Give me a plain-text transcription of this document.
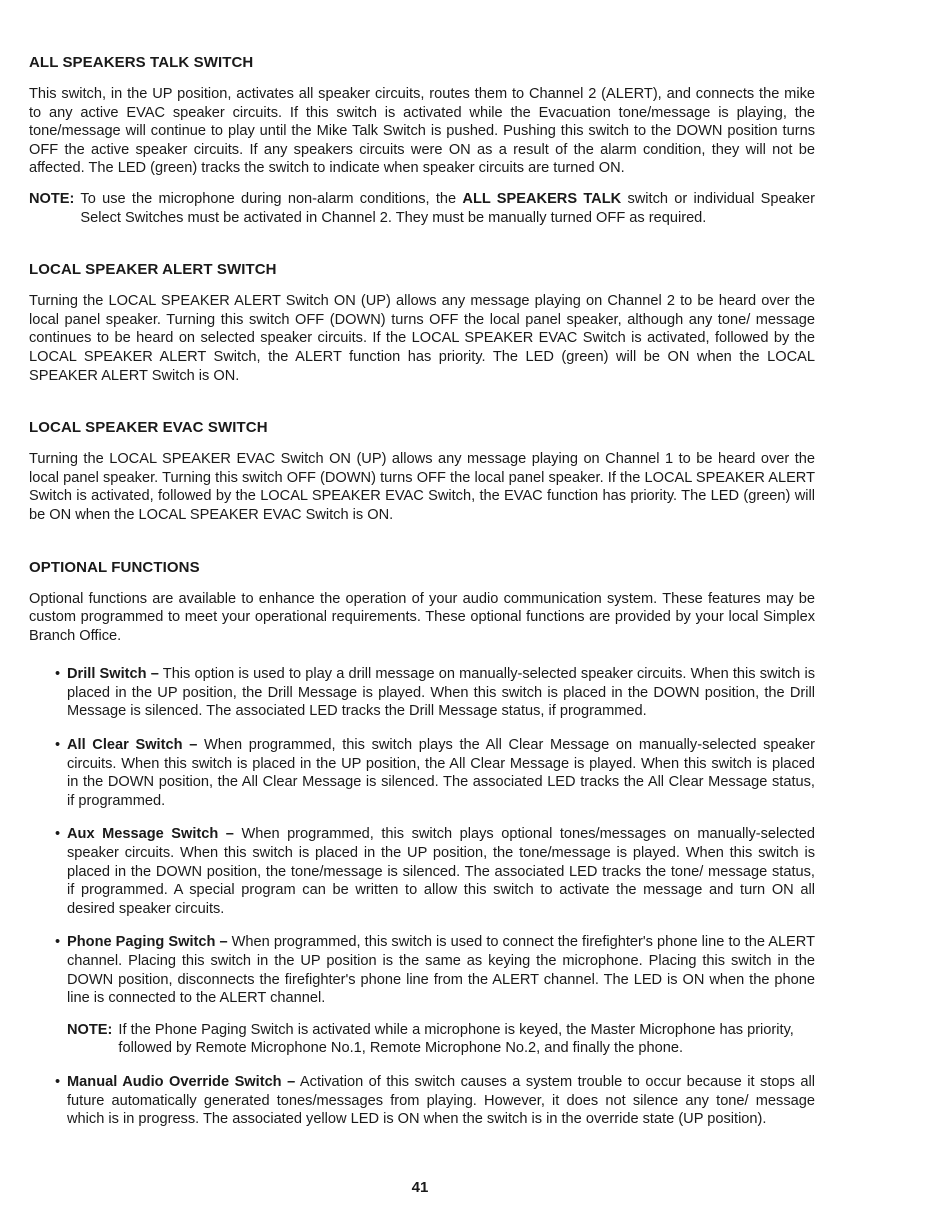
ALL SPEAKERS TALK SWITCH

This switch, in the UP position, activates all speaker circuits, routes them to Channel 2 (ALERT), and connects the mike to any active EVAC speaker circuits. If this switch is activated while the Evacuation tone/message is playing, the tone/message will continue to play until the Mike Talk Switch is pushed. Pushing this switch to the DOWN position turns OFF the active speaker circuits. If any speakers circuits were ON as a result of the alarm condition, they will not be affected. The LED (green) tracks the switch to indicate when speaker circuits are turned ON.

NOTE: To use the microphone during non-alarm conditions, the ALL SPEAKERS TALK switch or individual Speaker Select Switches must be activated in Channel 2. They must be manually turned OFF as required.
LOCAL SPEAKER ALERT SWITCH

Turning the LOCAL SPEAKER ALERT Switch ON (UP) allows any message playing on Channel 2 to be heard over the local panel speaker. Turning this switch OFF (DOWN) turns OFF the local panel speaker, although any tone/ message continues to be heard on selected speaker circuits. If the LOCAL SPEAKER EVAC Switch is activated, followed by the LOCAL SPEAKER ALERT Switch, the ALERT function has priority. The LED (green) will be ON when the LOCAL SPEAKER ALERT Switch is ON.

LOCAL SPEAKER EVAC SWITCH

Turning the LOCAL SPEAKER EVAC Switch ON (UP) allows any message playing on Channel 1 to be heard over the local panel speaker. Turning this switch OFF (DOWN) turns OFF the local panel speaker. If the LOCAL SPEAKER ALERT Switch is activated, followed by the LOCAL SPEAKER EVAC Switch, the EVAC function has priority. The LED (green) will be ON when the LOCAL SPEAKER EVAC Switch is ON.

OPTIONAL FUNCTIONS

Optional functions are available to enhance the operation of your audio communication system. These features may be custom programmed to meet your operational requirements. These optional functions are provided by your local Simplex Branch Office.

• Drill Switch – This option is used to play a drill message on manually-selected speaker circuits. When this switch is placed in the UP position, the Drill Message is played. When this switch is placed in the DOWN position, the Drill Message is silenced. The associated LED tracks the Drill Message status, if programmed.
• All Clear Switch – When programmed, this switch plays the All Clear Message on manually-selected speaker circuits. When this switch is placed in the UP position, the All Clear Message is played. When this switch is placed in the DOWN position, the All Clear Message is silenced. The associated LED tracks the All Clear Message status, if programmed.
• Aux Message Switch – When programmed, this switch plays optional tones/messages on manually-selected speaker circuits. When this switch is placed in the UP position, the tone/message is played. When this switch is placed in the DOWN position, the tone/message is silenced. The associated LED tracks the tone/ message status, if programmed. A special program can be written to allow this switch to activate the message and turn ON all desired speaker circuits.
• Phone Paging Switch – When programmed, this switch is used to connect the firefighter's phone line to the ALERT channel. Placing this switch in the UP position is the same as keying the microphone. Placing this switch in the DOWN position, disconnects the firefighter's phone line from the ALERT channel. The LED is ON when the phone line is connected to the ALERT channel.
NOTE: If the Phone Paging Switch is activated while a microphone is keyed, the Master Microphone has priority, followed by Remote Microphone No.1, Remote Microphone No.2, and finally the phone.
• Manual Audio Override Switch – Activation of this switch causes a system trouble to occur because it stops all future automatically generated tones/messages from playing. However, it does not silence any tone/ message which is in progress. The associated yellow LED is ON when the switch is in the override state (UP position).
41
